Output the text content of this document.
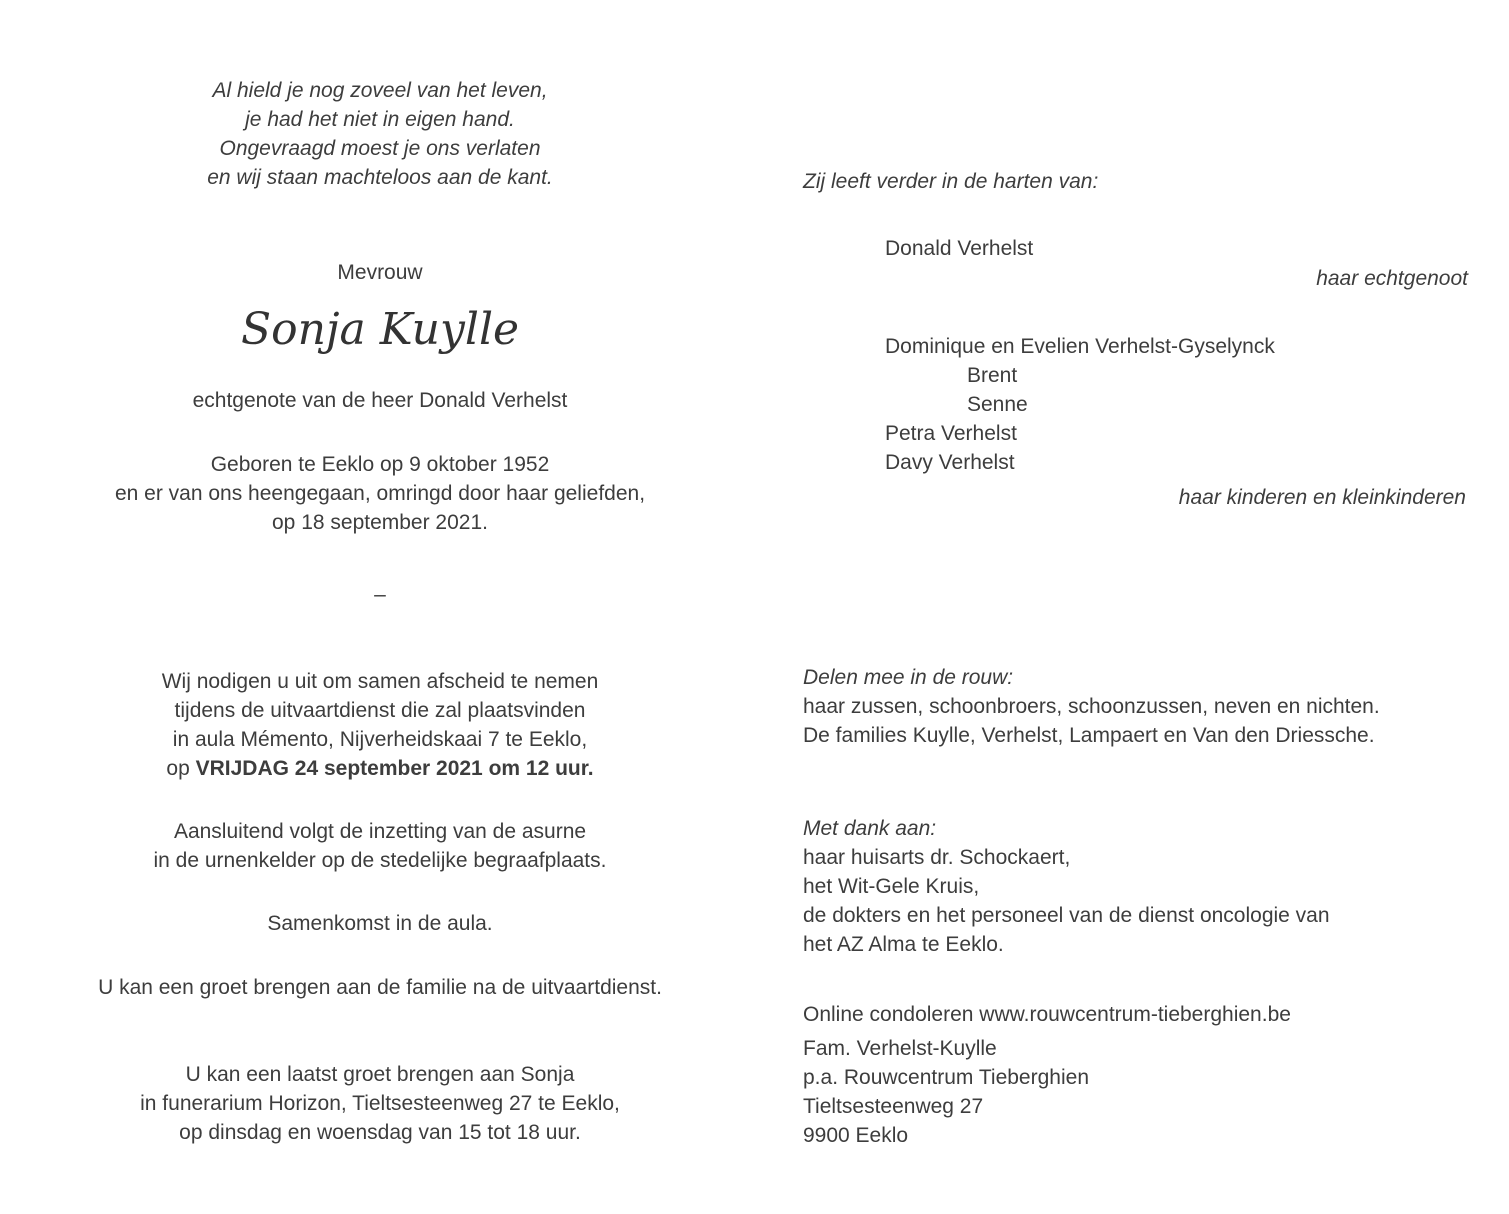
Al hield je nog zoveel van het leven,
je had het niet in eigen hand.
Ongevraagd moest je ons verlaten
en wij staan machteloos aan de kant.
Mevrouw
Sonja Kuylle
echtgenote van de heer Donald Verhelst
Geboren te Eeklo op 9 oktober 1952
en er van ons heengegaan, omringd door haar geliefden,
op 18 september 2021.
–
Wij nodigen u uit om samen afscheid te nemen
tijdens de uitvaartdienst die zal plaatsvinden
in aula Mémento, Nijverheidskaai 7 te Eeklo,
op VRIJDAG 24 september 2021 om 12 uur.
Aansluitend volgt de inzetting van de asurne
in de urnenkelder op de stedelijke begraafplaats.
Samenkomst in de aula.
U kan een groet brengen aan de familie na de uitvaartdienst.
U kan een laatst groet brengen aan Sonja
in funerarium Horizon, Tieltsesteenweg 27 te Eeklo,
op dinsdag en woensdag van 15 tot 18 uur.
Zij leeft verder in de harten van:
Donald Verhelst
haar echtgenoot
Dominique en Evelien Verhelst-Gyselynck
Brent
Senne
Petra Verhelst
Davy Verhelst
haar kinderen en kleinkinderen
Delen mee in de rouw:
haar zussen, schoonbroers, schoonzussen, neven en nichten.
De families Kuylle, Verhelst, Lampaert en Van den Driessche.
Met dank aan:
haar huisarts dr. Schockaert,
het Wit-Gele Kruis,
de dokters en het personeel van de dienst oncologie van
het AZ Alma te Eeklo.
Online condoleren www.rouwcentrum-tieberghien.be
Fam. Verhelst-Kuylle
p.a. Rouwcentrum Tieberghien
Tieltsesteenweg 27
9900 Eeklo
